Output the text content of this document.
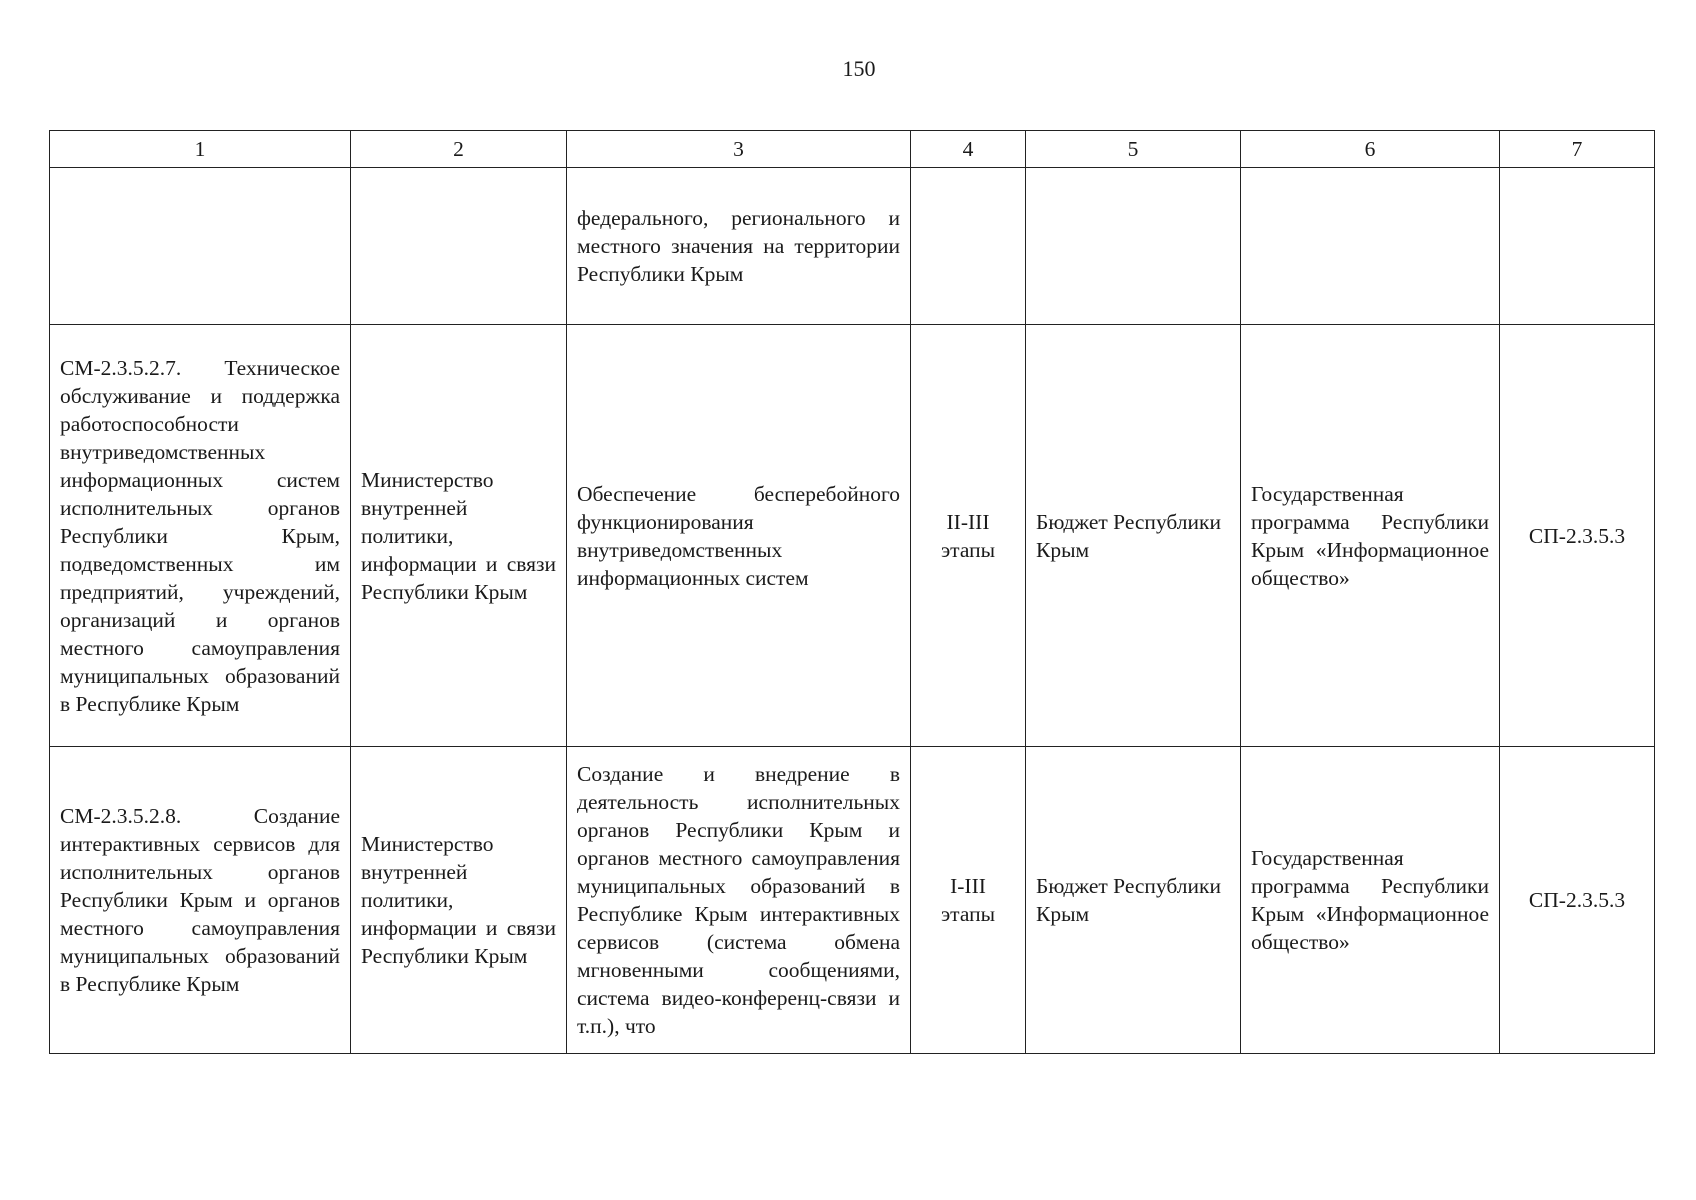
150
1	2	3	4	5	6	7
		федерального, регионального и местного значения на территории Республики Крым				
СМ-2.3.5.2.7. Техническое обслуживание и поддержка работоспособности внутриведомственных информационных систем исполнительных органов Республики Крым, подведомственных им предприятий, учреждений, организаций и органов местного самоуправления муниципальных образований в Республике Крым	Министерство внутренней политики, информации и связи Республики Крым	Обеспечение бесперебойного функционирования внутриведомственных информационных систем	II-III этапы	Бюджет Республики Крым	Государственная программа Республики Крым «Информационное общество»	СП-2.3.5.3
СМ-2.3.5.2.8. Создание интерактивных сервисов для исполнительных органов Республики Крым и органов местного самоуправления муниципальных образований в Республике Крым	Министерство внутренней политики, информации и связи Республики Крым	Создание и внедрение в деятельность исполнительных органов Республики Крым и органов местного самоуправления муниципальных образований в Республике Крым интерактивных сервисов (система обмена мгновенными сообщениями, система видео-конференц-связи и т.п.), что	I-III этапы	Бюджет Республики Крым	Государственная программа Республики Крым «Информационное общество»	СП-2.3.5.3
